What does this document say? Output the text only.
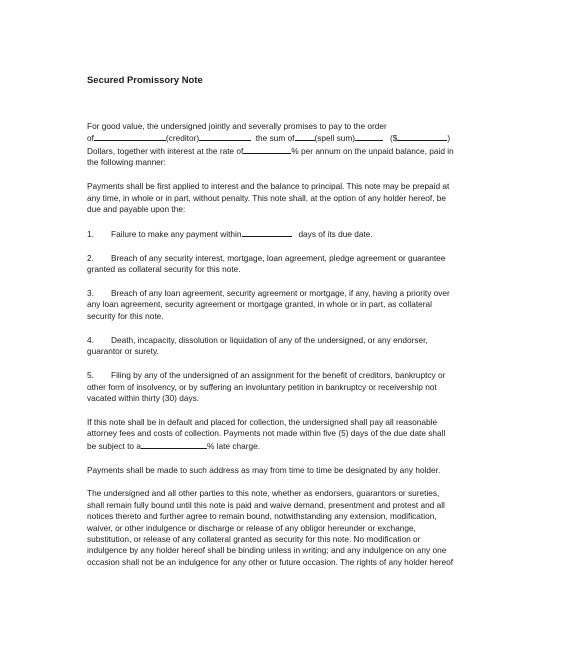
Secured Promissory Note
For good value, the undersigned jointly and severally promises to pay to the order
of	(creditor)	the sum of (spell sum)	($	)
Dollars, together with interest at the rate of	% per annum on the unpaid balance, paid in
the following manner:
Payments shall be first applied to interest and the balance to principal. This note may be prepaid at
any time, in whole or in part, without penalty. This note shall, at the option of any holder hereof, be
due and payable upon the:
1. Failure to make any payment within	days of its due date.
2. Breach of any security interest, mortgage, loan agreement, pledge agreement or guarantee
granted as collateral security for this note.
3. Breach of any loan agreement, security agreement or mortgage, if any, having a priority over
any loan agreement, security agreement or mortgage granted, in whole or in part, as collateral
security for this note.
4. Death, incapacity, dissolution or liquidation of any of the undersigned, or any endorser,
guarantor or surety.
5. Filing by any of the undersigned of an assignment for the benefit of creditors, bankruptcy or
other form of insolvency, or by suffering an involuntary petition in bankruptcy or receivership not
vacated within thirty (30) days.
If this note shall be in default and placed for collection, the undersigned shall pay all reasonable
attorney fees and costs of collection. Payments not made within five (5) days of the due date shall
be subject to a	% late charge.
Payments shall be made to such address as may from time to time be designated by any holder.
The undersigned and all other parties to this note, whether as endorsers, guarantors or sureties,
shall remain fully bound until this note is paid and waive demand, presentment and protest and all
notices thereto and further agree to remain bound, notwithstanding any extension, modification,
waiver, or other indulgence or discharge or release of any obligor hereunder or exchange,
substitution, or release of any collateral granted as security for this note. No modification or
indulgence by any holder hereof shall be binding unless in writing; and any indulgence on any one
occasion shall not be an indulgence for any other or future occasion. The rights of any holder hereof
